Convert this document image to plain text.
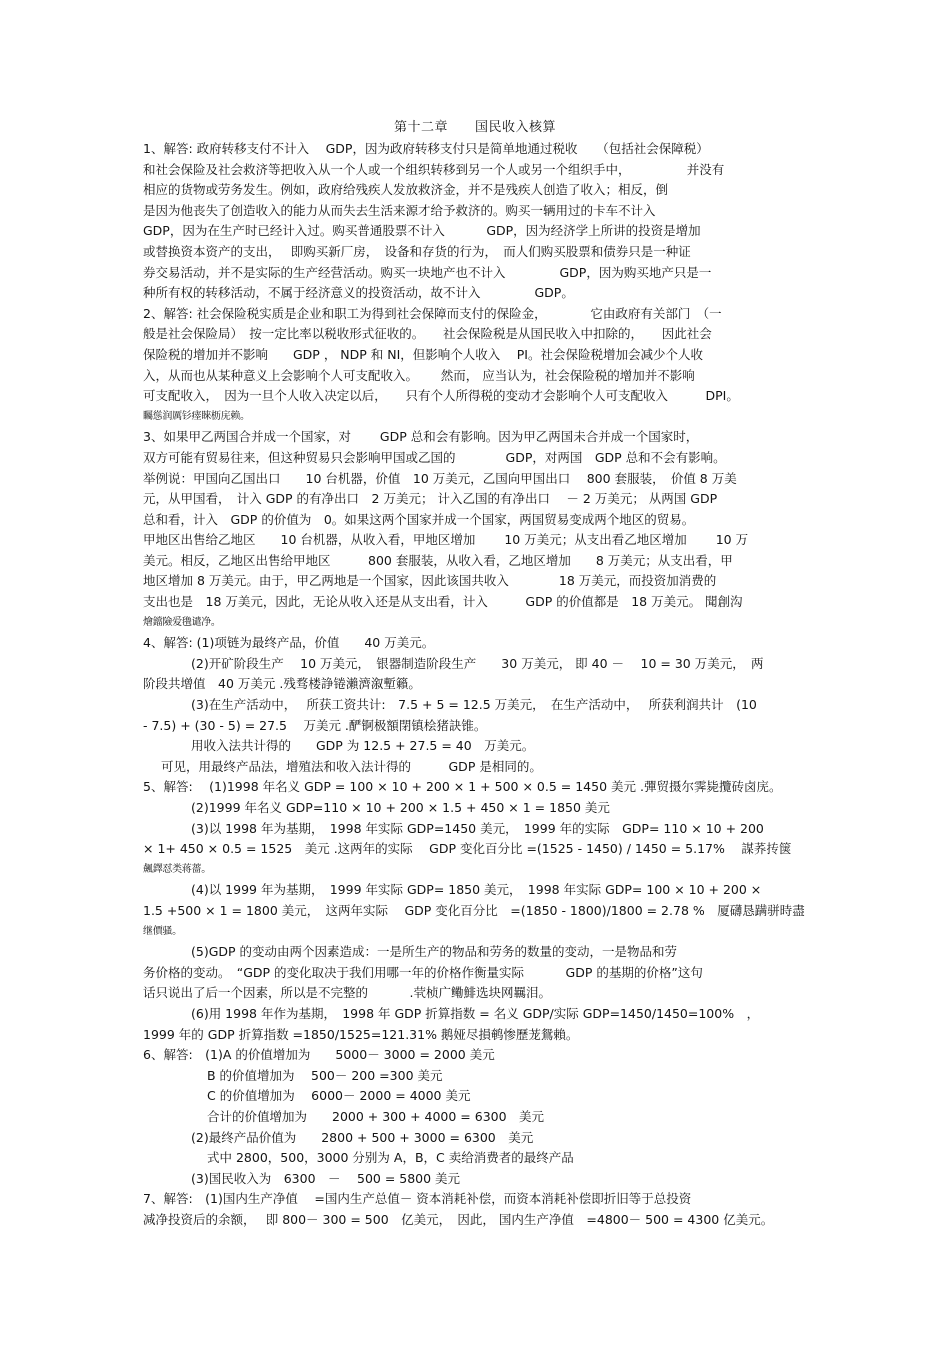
第十二章　　国民收入核算
1、解答: 政府转移支付不计入　 GDP，因为政府转移支付只是简单地通过税收　　（包括社会保障税）
和社会保险及社会救济等把收入从一个人或一个组织转移到另一个人或另一个组织手中，　　　　　并没有
相应的货物或劳务发生。例如，政府给残疾人发放救济金，并不是残疾人创造了收入；相反，倒
是因为他丧失了创造收入的能力从而失去生活来源才给予救济的。购买一辆用过的卡车不计入
GDP，因为在生产时已经计入过。购买普通股票不计入　　　 GDP，因为经济学上所讲的投资是增加
或替换资本资产的支出，　 即购买新厂房，　设备和存货的行为，　而人们购买股票和债券只是一种证
券交易活动，并不是实际的生产经营活动。购买一块地产也不计入　　　　 GDP，因为购买地产只是一
种所有权的转移活动，不属于经济意义的投资活动，故不计入　　　　 GDP。
2、解答: 社会保险税实质是企业和职工为得到社会保障而支付的保险金，　　　　它由政府有关部门　（一
般是社会保险局）　按一定比率以税收形式征收的。　　社会保险税是从国民收入中扣除的，　　因此社会
保险税的增加并不影响　　GDP ， NDP 和 NI，但影响个人收入　 PI。社会保险税增加会减少个人收
入，从而也从某种意义上会影响个人可支配收入。　　 然而， 应当认为，社会保险税的增加并不影响
可支配收入，　因为一旦个人收入决定以后，　　只有个人所得税的变动才会影响个人可支配收入　　　DPI。
矚慫润厲钐瘗睞枥庑赖。
3、如果甲乙两国合并成一个国家，对　　 GDP 总和会有影响。因为甲乙两国未合并成一个国家时，
双方可能有贸易往来，但这种贸易只会影响甲国或乙国的　　　　GDP，对两国　GDP 总和不会有影响。
举例说：甲国向乙国出口　　10 台机器，价值　10 万美元，乙国向甲国出口　 800 套服装，　价值 8 万美
元，从甲国看，　计入 GDP 的有净出口　2 万美元； 计入乙国的有净出口　 － 2 万美元； 从两国 GDP
总和看，计入　GDP 的价值为　0。如果这两个国家并成一个国家，两国贸易变成两个地区的贸易。
甲地区出售给乙地区　　10 台机器，从收入看，甲地区增加　　 10 万美元；从支出看乙地区增加　　 10 万
美元。相反，乙地区出售给甲地区　　　800 套服装，从收入看，乙地区增加　　8 万美元；从支出看，甲
地区增加 8 万美元。由于，甲乙两地是一个国家，因此该国共收入　　　　18 万美元，而投资加消费的
支出也是　18 万美元，因此，无论从收入还是从支出看，计入　　　GDP 的价值都是　18 万美元。 聞創沟
燴鐺險爱氇谴净。
4、解答: (1)项链为最终产品，价值　　40 万美元。
(2)开矿阶段生产　 10 万美元，　银器制造阶段生产　　30 万美元， 即 40 －　 10 = 30 万美元，　两
阶段共增值　40 万美元 .残骛楼諍锩瀨濟溆塹籟。
(3)在生产活动中，　 所获工资共计:　7.5 + 5 = 12.5 万美元，　在生产活动中，　 所获利润共计　(10
- 7.5) + (30 - 5) = 27.5　 万美元 .酽锕极額閉镇桧猪訣锥。
用收入法共计得的　　GDP 为 12.5 + 27.5 = 40　万美元。
可见，用最终产品法，增殖法和收入法计得的　　　GDP 是相同的。
5、解答:　 (1)1998 年名义 GDP = 100 × 10 + 200 × 1 + 500 × 0.5 = 1450 美元 .彈贸摄尔霁毙攬砖卤庑。
(2)1999 年名义 GDP=110 × 10 + 200 × 1.5 + 450 × 1 = 1850 美元
(3)以 1998 年为基期，　1998 年实际 GDP=1450 美元，　1999 年的实际　GDP= 110 × 10 + 200
× 1+ 450 × 0.5 = 1525　美元 .这两年的实际　 GDP 变化百分比 =(1525 - 1450) / 1450 = 5.17%　 謀荞抟箧
飆鐸怼类蒋薔。
(4)以 1999 年为基期，　1999 年实际 GDP= 1850 美元，　1998 年实际 GDP= 100 × 10 + 200 ×
1.5 +500 × 1 = 1800 美元，　这两年实际　 GDP 变化百分比　=(1850 - 1800)/1800 = 2.78 %　厦礴恳蹒骈時盡
继價骚。
(5)GDP 的变动由两个因素造成：一是所生产的物品和劳务的数量的变动，一是物品和劳
务价格的变动。　“GDP 的变化取决于我们用哪一年的价格作衡量实际　　　 GDP 的基期的价格”这句
话只说出了后一个因素，所以是不完整的　　　 .茕桢广鳓鯡选块网羈泪。
(6)用 1998 年作为基期，　1998 年 GDP 折算指数 = 名义 GDP/实际 GDP=1450/1450=100%　，
1999 年的 GDP 折算指数 =1850/1525=121.31% 鹅娅尽損鹌惨歷茏鴛賴。
6、解答:　(1)A 的价值增加为　　5000－ 3000 = 2000 美元
B 的价值增加为　 500－ 200 =300 美元
C 的价值增加为　 6000－ 2000 = 4000 美元
合计的价值增加为　　2000 + 300 + 4000 = 6300　美元
(2)最终产品价值为　　2800 + 500 + 3000 = 6300　美元
式中 2800，500，3000 分别为 A，B，C 卖给消费者的最终产品
(3)国民收入为　6300　－　 500 = 5800 美元
7、解答:　(1)国内生产净值　 =国内生产总值－ 资本消耗补偿，而资本消耗补偿即折旧等于总投资
减净投资后的余额，　 即 800－ 300 = 500　亿美元，　因此， 国内生产净值　=4800－ 500 = 4300 亿美元。
